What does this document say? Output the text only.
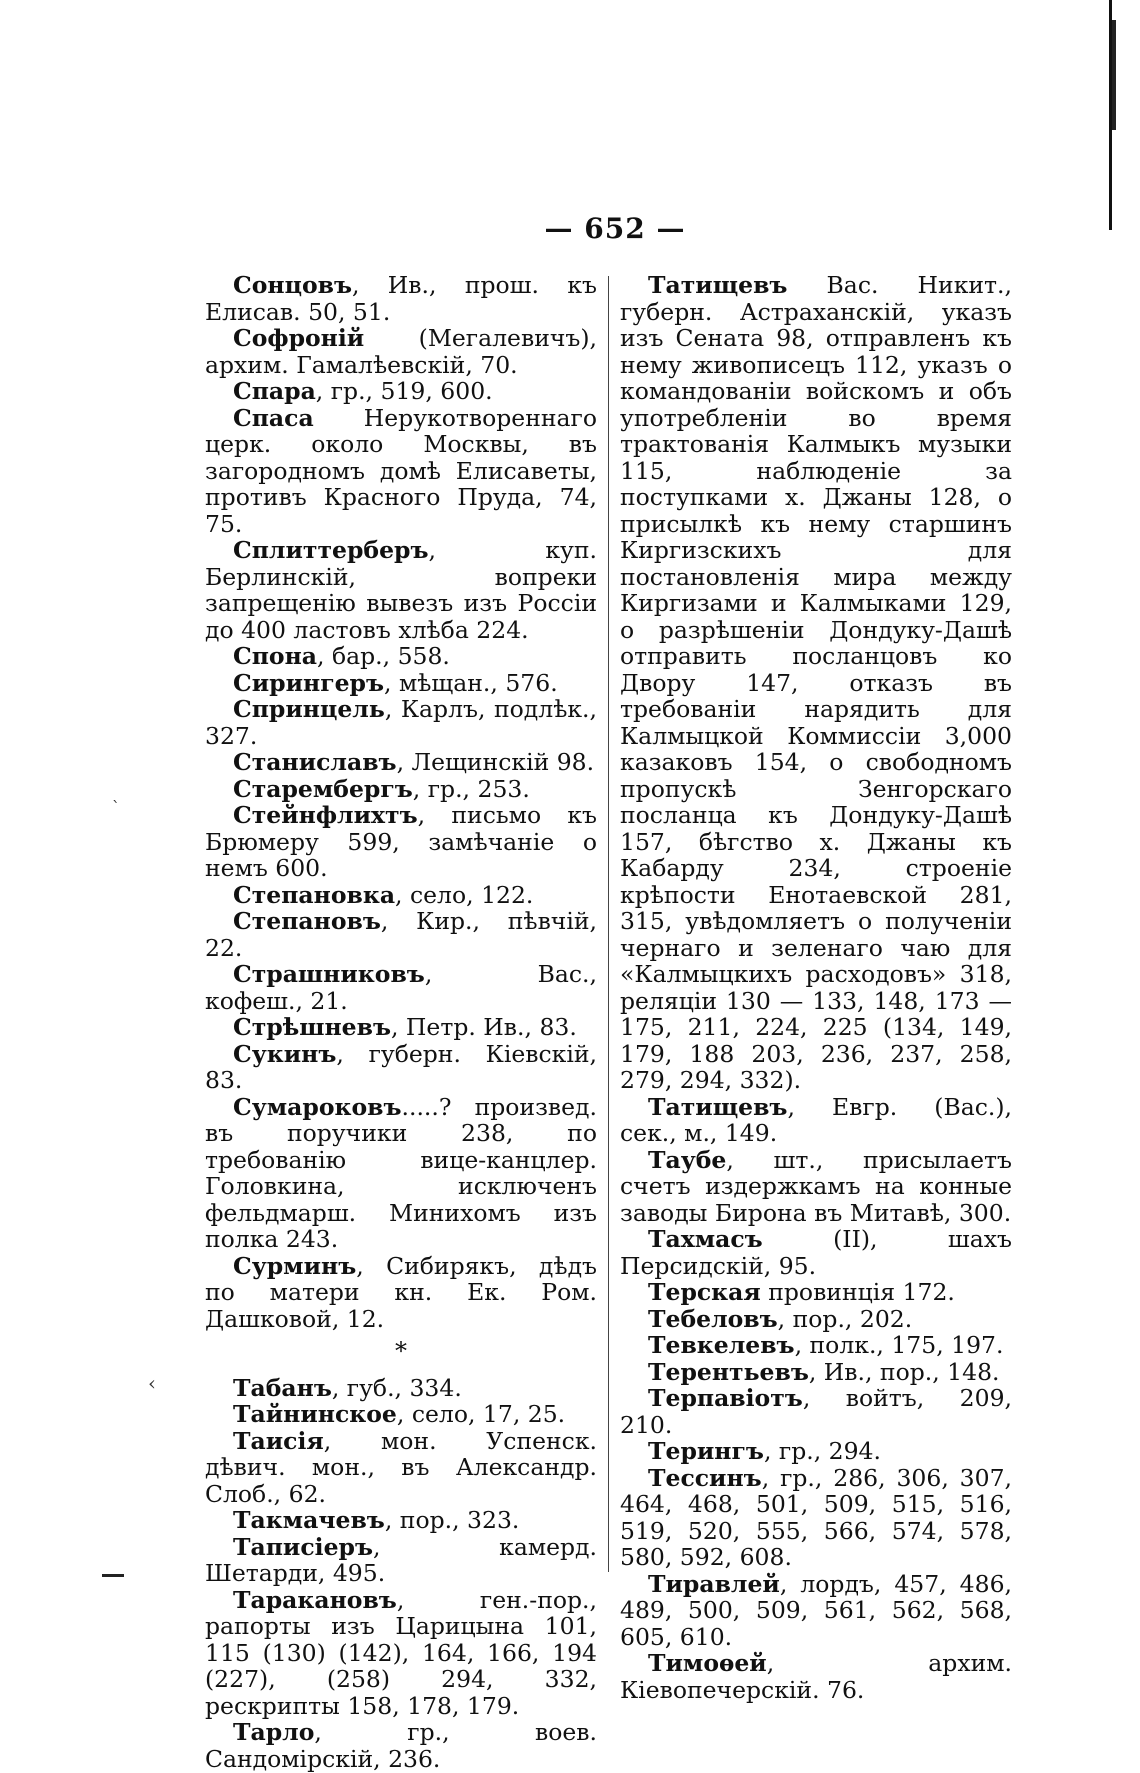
ˋ
‹
— 652 —

Сонцовъ, Ив., прош. къ Елисав. 50, 51.

Софроній (Мегалевичъ), архим. Гамалѣевскій, 70.

Спара, гр., 519, 600.

Спаса Нерукотвореннаго церк. около Москвы, въ загородномъ домѣ Елисаветы, противъ Красного Пруда, 74, 75.

Сплиттерберъ, куп. Берлинскій, вопреки запрещенію вывезъ изъ Россіи до 400 ластовъ хлѣба 224.

Спона, бар., 558.

Сирингеръ, мѣщан., 576.

Спринцель, Карлъ, подлѣк., 327.

Станиславъ, Лещинскій 98.

Старембергъ, гр., 253.

Стейнфлихтъ, письмо къ Брюмеру 599, замѣчаніе о немъ 600.

Степановка, село, 122.

Степановъ, Кир., пѣвчій, 22.

Страшниковъ, Вас., кофеш., 21.

Стрѣшневъ, Петр. Ив., 83.

Сукинъ, губерн. Кіевскій, 83.

Сумароковъ.....? произвед. въ поручики 238, по требованію вице-канцлер. Головкина, исключенъ фельдмарш. Минихомъ изъ полка 243.

Сурминъ, Сибирякъ, дѣдъ по матери кн. Ек. Ром. Дашковой, 12.

*

Табанъ, губ., 334.

Тайнинское, село, 17, 25.

Таисія, мон. Успенск. дѣвич. мон., въ Александр. Слоб., 62.

Такмачевъ, пор., 323.

Таписіеръ, камерд. Шетарди, 495.

Таракановъ, ген.-пор., рапорты изъ Царицына 101, 115 (130) (142), 164, 166, 194 (227), (258) 294, 332, рескрипты 158, 178, 179.

Тарло, гр., воев. Сандомірскій, 236.

Татищевъ Вас. Никит., губерн. Астраханскій, указъ изъ Сената 98, отправленъ къ нему живописецъ 112, указъ о командованіи войскомъ и объ употребленіи во время трактованія Калмыкъ музыки 115, наблюденіе за поступками х. Джаны 128, о присылкѣ къ нему старшинъ Киргизскихъ для постановленія мира между Киргизами и Калмыками 129, о разрѣшеніи Дондуку-Дашѣ отправить посланцовъ ко Двору 147, отказъ въ требованіи нарядить для Калмыцкой Коммиссіи 3,000 казаковъ 154, о свободномъ пропускѣ Зенгорскаго посланца къ Дондуку-Дашѣ 157, бѣгство х. Джаны къ Кабарду 234, строеніе крѣпости Енотаевской 281, 315, увѣдомляетъ о полученіи чернаго и зеленаго чаю для «Калмыцкихъ расходовъ» 318, реляціи 130 — 133, 148, 173 — 175, 211, 224, 225 (134, 149, 179, 188 203, 236, 237, 258, 279, 294, 332).

Татищевъ, Евгр. (Вас.), сек., м., 149.

Таубе, шт., присылаетъ счетъ издержкамъ на конные заводы Бирона въ Митавѣ, 300.

Тахмасъ (II), шахъ Персидскій, 95.

Терская провинція 172.

Тебеловъ, пор., 202.

Тевкелевъ, полк., 175, 197.

Терентьевъ, Ив., пор., 148.

Терпавіотъ, войтъ, 209, 210.

Терингъ, гр., 294.

Тессинъ, гр., 286, 306, 307, 464, 468, 501, 509, 515, 516, 519, 520, 555, 566, 574, 578, 580, 592, 608.

Тиравлей, лордъ, 457, 486, 489, 500, 509, 561, 562, 568, 605, 610.

Тимоѳей, архим. Кіевопечерскій. 76.
